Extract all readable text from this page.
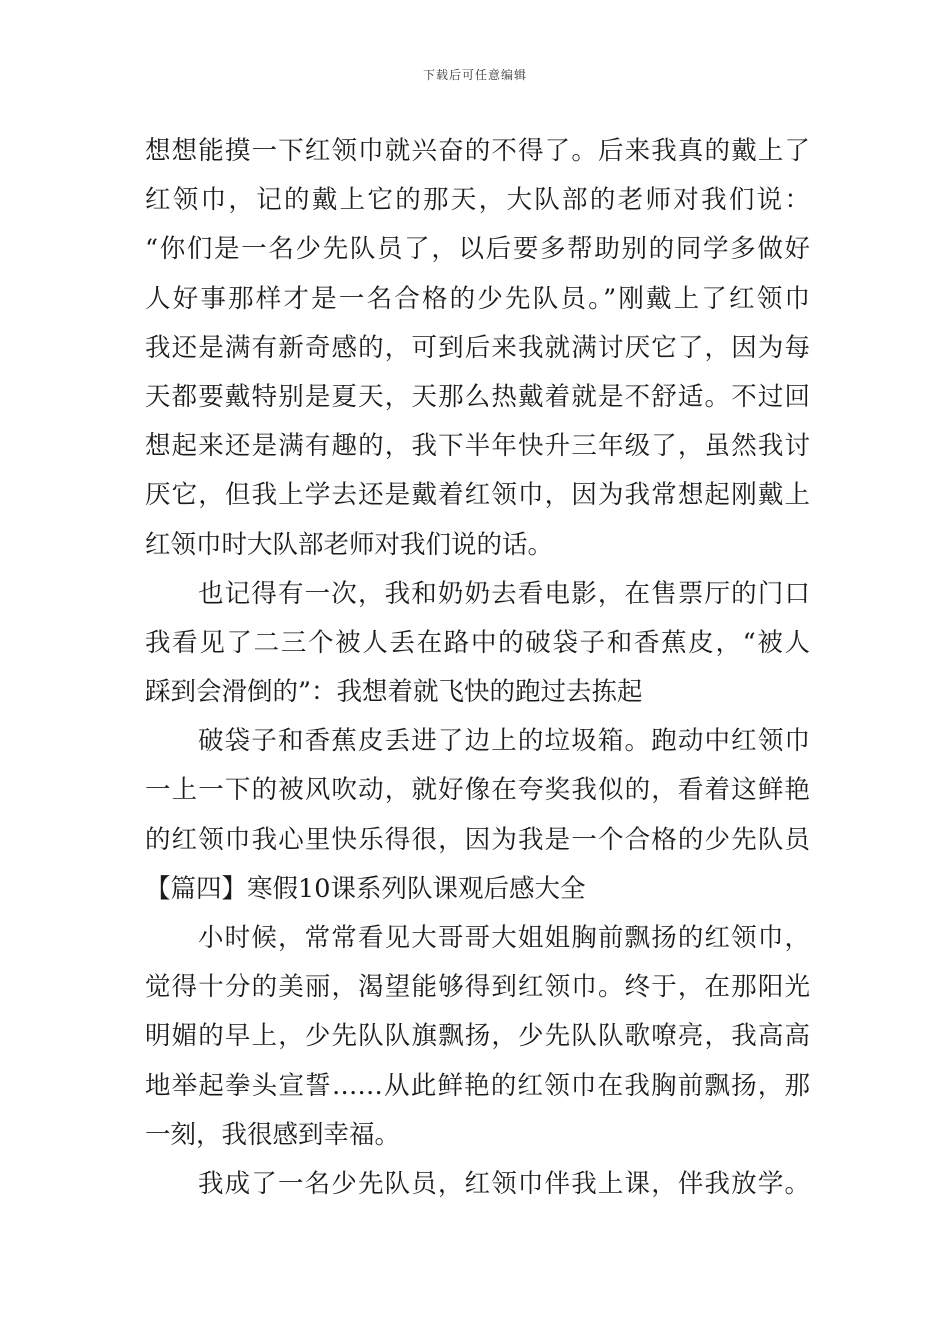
下载后可任意编辑
想想能摸一下红领巾就兴奋的不得了。后来我真的戴上了
红领巾，记的戴上它的那天，大队部的老师对我们说：
“你们是一名少先队员了，以后要多帮助别的同学多做好
人好事那样才是一名合格的少先队员。”刚戴上了红领巾
我还是满有新奇感的，可到后来我就满讨厌它了，因为每
天都要戴特别是夏天，天那么热戴着就是不舒适。不过回
想起来还是满有趣的，我下半年快升三年级了，虽然我讨
厌它，但我上学去还是戴着红领巾，因为我常想起刚戴上
红领巾时大队部老师对我们说的话。
也记得有一次，我和奶奶去看电影，在售票厅的门口
我看见了二三个被人丢在路中的破袋子和香蕉皮，“被人
踩到会滑倒的”：我想着就飞快的跑过去拣起
破袋子和香蕉皮丢进了边上的垃圾箱。跑动中红领巾
一上一下的被风吹动，就好像在夸奖我似的，看着这鲜艳
的红领巾我心里快乐得很，因为我是一个合格的少先队员
【篇四】寒假10课系列队课观后感大全
小时候，常常看见大哥哥大姐姐胸前飘扬的红领巾，
觉得十分的美丽，渴望能够得到红领巾。终于，在那阳光
明媚的早上，少先队队旗飘扬，少先队队歌嘹亮，我高高
地举起拳头宣誓……从此鲜艳的红领巾在我胸前飘扬，那
一刻，我很感到幸福。
我成了一名少先队员，红领巾伴我上课，伴我放学。
